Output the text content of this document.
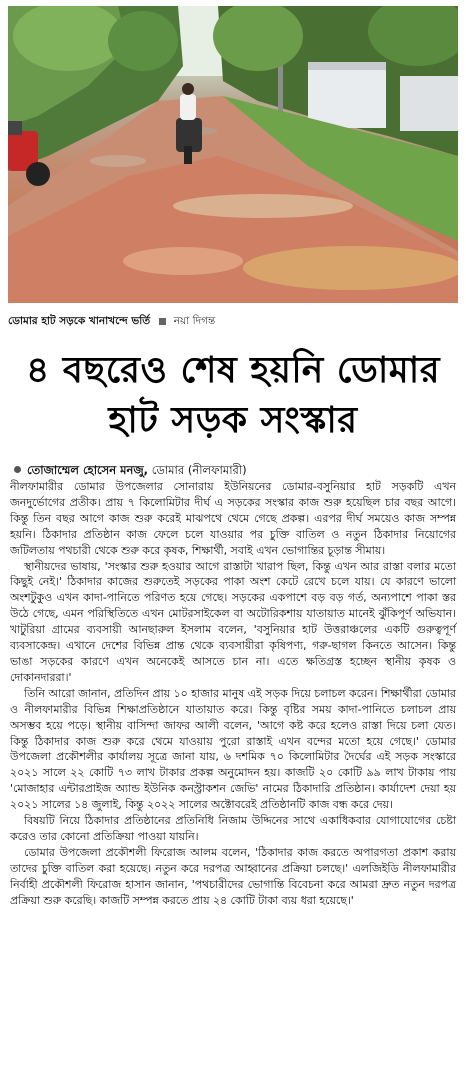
ডোমার হাট সড়কে খানাখন্দে ভর্তি নয়া দিগন্ত
৪ বছরেও শেষ হয়নি ডোমার
হাট সড়ক সংস্কার
তোজাম্মেল হোসেন মনজু, ডোমার (নীলফামারী)

নীলফামারীর ডোমার উপজেলার সোনারায় ইউনিয়নের ডোমার-বসুনিয়ার হাট সড়কটি এখন জনদুর্ভোগের প্রতীক। প্রায় ৭ কিলোমিটার দীর্ঘ এ সড়কের সংস্কার কাজ শুরু হয়েছিল চার বছর আগে। কিন্তু তিন বছর আগে কাজ শুরু করেই মাঝপথে থেমে গেছে প্রকল্প। এরপর দীর্ঘ সময়েও কাজ সম্পন্ন হয়নি। ঠিকাদার প্রতিষ্ঠান কাজ ফেলে চলে যাওয়ার পর চুক্তি বাতিল ও নতুন ঠিকাদার নিয়োগের জটিলতায় পথচারী থেকে শুরু করে কৃষক, শিক্ষার্থী, সবাই এখন ভোগান্তির চূড়ান্ত সীমায়।

স্থানীয়দের ভাষায়, 'সংস্কার শুরু হওয়ার আগে রাস্তাটা খারাপ ছিল, কিন্তু এখন আর রাস্তা বলার মতো কিছুই নেই।' ঠিকাদার কাজের শুরুতেই সড়কের পাকা অংশ কেটে রেখে চলে যায়। যে কারণে ভালো অংশটুকুও এখন কাদা-পানিতে পরিণত হয়ে গেছে। সড়কের একপাশে বড় বড় গর্ত, অন্যপাশে পাকা স্তর উঠে গেছে, এমন পরিস্থিতিতে এখন মোটরসাইকেল বা অটোরিকশায় যাতায়াত মানেই ঝুঁকিপূর্ণ অভিযান। খাটুরিয়া গ্রামের ব্যবসায়ী আনছারুল ইসলাম বলেন, 'বসুনিয়ার হাট উত্তরাঞ্চলের একটি গুরুত্বপূর্ণ ব্যবসাকেন্দ্র। এখানে দেশের বিভিন্ন প্রান্ত থেকে ব্যবসায়ীরা কৃষিপণ্য, গরু-ছাগল কিনতে আসেন। কিন্তু ভাঙা সড়কের কারণে এখন অনেকেই আসতে চান না। এতে ক্ষতিগ্রস্ত হচ্ছেন স্থানীয় কৃষক ও দোকানদাররা।'

তিনি আরো জানান, প্রতিদিন প্রায় ১০ হাজার মানুষ এই সড়ক দিয়ে চলাচল করেন। শিক্ষার্থীরা ডোমার ও নীলফামারীর বিভিন্ন শিক্ষাপ্রতিষ্ঠানে যাতায়াত করে। কিন্তু বৃষ্টির সময় কাদা-পানিতে চলাচল প্রায় অসম্ভব হয়ে পড়ে। স্থানীয় বাসিন্দা জাফর আলী বলেন, 'আগে কষ্ট করে হলেও রাস্তা দিয়ে চলা যেত। কিন্তু ঠিকাদার কাজ শুরু করে থেমে যাওয়ায় পুরো রাস্তাই এখন বন্দের মতো হয়ে গেছে।' ডোমার উপজেলা প্রকৌশলীর কার্যালয় সূত্রে জানা যায়, ৬ দশমিক ৭০ কিলোমিটার দৈর্ঘের এই সড়ক সংস্কারে ২০২১ সালে ২২ কোটি ৭৩ লাখ টাকার প্রকল্প অনুমোদন হয়। কাজটি ২০ কোটি ৯৯ লাখ টাকায় পায় 'মোজাহার এন্টারপ্রাইজ অ্যান্ড ইউনিক কনস্ট্রাকশন জেভি' নামের ঠিকাদারি প্রতিষ্ঠান। কার্যাদেশ দেয়া হয় ২০২১ সালের ১৪ জুলাই, কিন্তু ২০২২ সালের অক্টোবরেই প্রতিষ্ঠানটি কাজ বন্ধ করে দেয়।

বিষয়টি নিয়ে ঠিকাদার প্রতিষ্ঠানের প্রতিনিধি নিজাম উদ্দিনের সাথে একাধিকবার যোগাযোগের চেষ্টা করেও তার কোনো প্রতিক্রিয়া পাওয়া যায়নি।

ডোমার উপজেলা প্রকৌশলী ফিরোজ আলম বলেন, 'ঠিকাদার কাজ করতে অপারগতা প্রকাশ করায় তাদের চুক্তি বাতিল করা হয়েছে। নতুন করে দরপত্র আহ্বানের প্রক্রিয়া চলছে।' এলজিইডি নীলফামারীর নির্বাহী প্রকৌশলী ফিরোজ হাসান জানান, 'পথচারীদের ভোগান্তি বিবেচনা করে আমরা দ্রুত নতুন দরপত্র প্রক্রিয়া শুরু করেছি। কাজটি সম্পন্ন করতে প্রায় ২৪ কোটি টাকা ব্যয় ধরা হয়েছে।'
